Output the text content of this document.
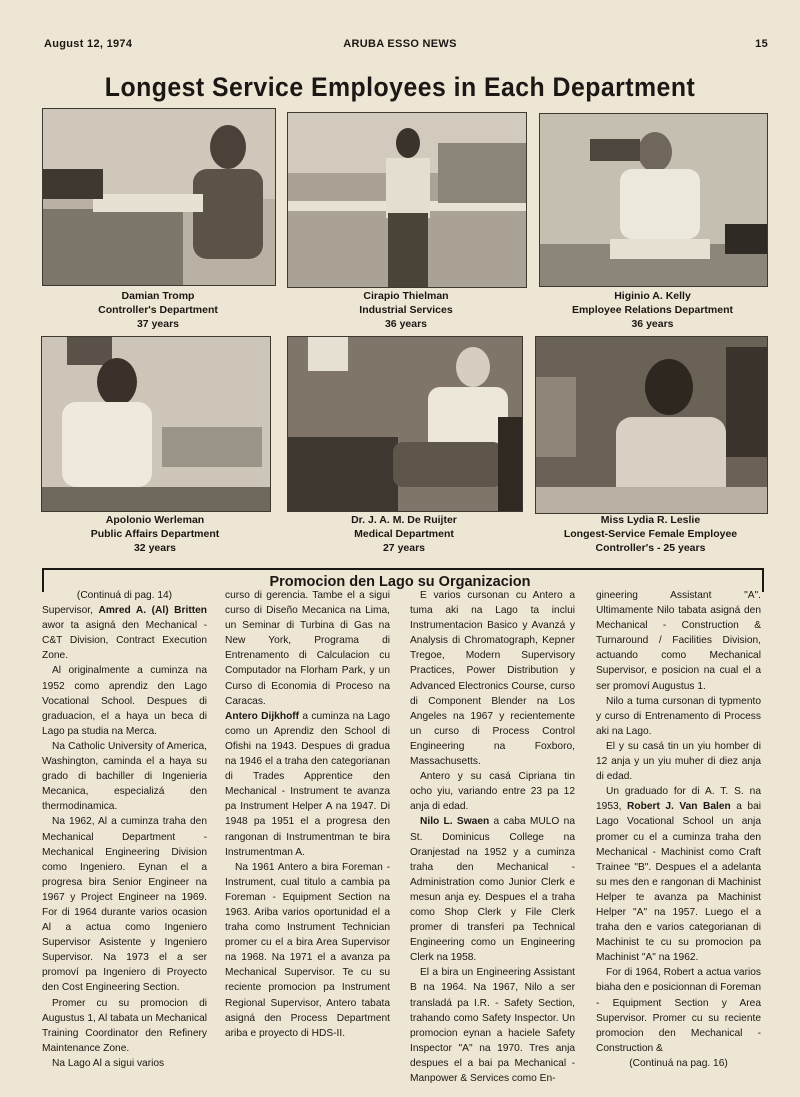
August 12, 1974	ARUBA ESSO NEWS	15
Longest Service Employees in Each Department
Damian Tromp
Controller's Department
37 years
Cirapio Thielman
Industrial Services
36 years
Higinio A. Kelly
Employee Relations Department
36 years
Apolonio Werleman
Public Affairs Department
32 years
Dr. J. A. M. De Ruijter
Medical Department
27 years
Miss Lydia R. Leslie
Longest-Service Female Employee
Controller's - 25 years
Promocion den Lago su Organizacion

(Continuá di pag. 14)

Supervisor, Amred A. (Al) Britten awor ta asigná den Mechanical - C&T Division, Contract Execution Zone.

Al originalmente a cuminza na 1952 como aprendiz den Lago Vocational School. Despues di graduacion, el a haya un beca di Lago pa studia na Merca.

Na Catholic University of America, Washington, caminda el a haya su grado di bachiller di Ingenieria Mecanica, especializá den thermodinamica.

Na 1962, Al a cuminza traha den Mechanical Department - Mechanical Engineering Division como Ingeniero. Eynan el a progresa bira Senior Engineer na 1967 y Project Engineer na 1969. For di 1964 durante varios ocasion Al a actua como Ingeniero Supervisor Asistente y Ingeniero Supervisor. Na 1973 el a ser promoví pa Ingeniero di Proyecto den Cost Engineering Section.

Promer cu su promocion di Augustus 1, Al tabata un Mechanical Training Coordinator den Refinery Maintenance Zone.

Na Lago Al a sigui varios

curso di gerencia. Tambe el a sigui curso di Diseño Mecanica na Lima, un Seminar di Turbina di Gas na New York, Programa di Entrenamento di Calculacion cu Computador na Florham Park, y un Curso di Economia di Proceso na Caracas.

Antero Dijkhoff a cuminza na Lago como un Aprendiz den School di Ofishi na 1943. Despues di gradua na 1946 el a traha den categorianan di Trades Apprentice den Mechanical - Instrument te avanza pa Instrument Helper A na 1947. Di 1948 pa 1951 el a progresa den rangonan di Instrumentman te bira Instrumentman A.

Na 1961 Antero a bira Foreman - Instrument, cual titulo a cambia pa Foreman - Equipment Section na 1963. Ariba varios oportunidad el a traha como Instrument Technician promer cu el a bira Area Supervisor na 1968. Na 1971 el a avanza pa Mechanical Supervisor. Te cu su reciente promocion pa Instrument Regional Supervisor, Antero tabata asigná den Process Department ariba e proyecto di HDS-II.

E varios cursonan cu Antero a tuma aki na Lago ta inclui Instrumentacion Basico y Avanzá y Analysis di Chromatograph, Kepner Tregoe, Modern Supervisory Practices, Power Distribution y Advanced Electronics Course, curso di Component Blender na Los Angeles na 1967 y recientemente un curso di Process Control Engineering na Foxboro, Massachusetts.

Antero y su casá Cipriana tin ocho yiu, variando entre 23 pa 12 anja di edad.

Nilo L. Swaen a caba MULO na St. Dominicus College na Oranjestad na 1952 y a cuminza traha den Mechanical - Administration como Junior Clerk e mesun anja ey. Despues el a traha como Shop Clerk y File Clerk promer di transferi pa Technical Engineering como un Engineering Clerk na 1958.

El a bira un Engineering Assistant B na 1964. Na 1967, Nilo a ser transladá pa I.R. - Safety Section, trahando como Safety Inspector. Un promocion eynan a haciele Safety Inspector "A" na 1970. Tres anja despues el a bai pa Mechanical - Manpower & Services como En-

gineering Assistant "A". Ultimamente Nilo tabata asigná den Mechanical - Construction & Turnaround / Facilities Division, actuando como Mechanical Supervisor, e posicion na cual el a ser promoví Augustus 1.

Nilo a tuma cursonan di typmento y curso di Entrenamento di Process aki na Lago.

El y su casá tin un yiu homber di 12 anja y un yiu muher di diez anja di edad.

Un graduado for di A. T. S. na 1953, Robert J. Van Balen a bai Lago Vocational School un anja promer cu el a cuminza traha den Mechanical - Machinist como Craft Trainee "B". Despues el a adelanta su mes den e rangonan di Machinist Helper te avanza pa Machinist Helper "A" na 1957. Luego el a traha den e varios categorianan di Machinist te cu su promocion pa Machinist "A" na 1962.

For di 1964, Robert a actua varios biaha den e posicionnan di Foreman - Equipment Section y Area Supervisor. Promer cu su reciente promocion den Mechanical - Construction &

(Continuá na pag. 16)
